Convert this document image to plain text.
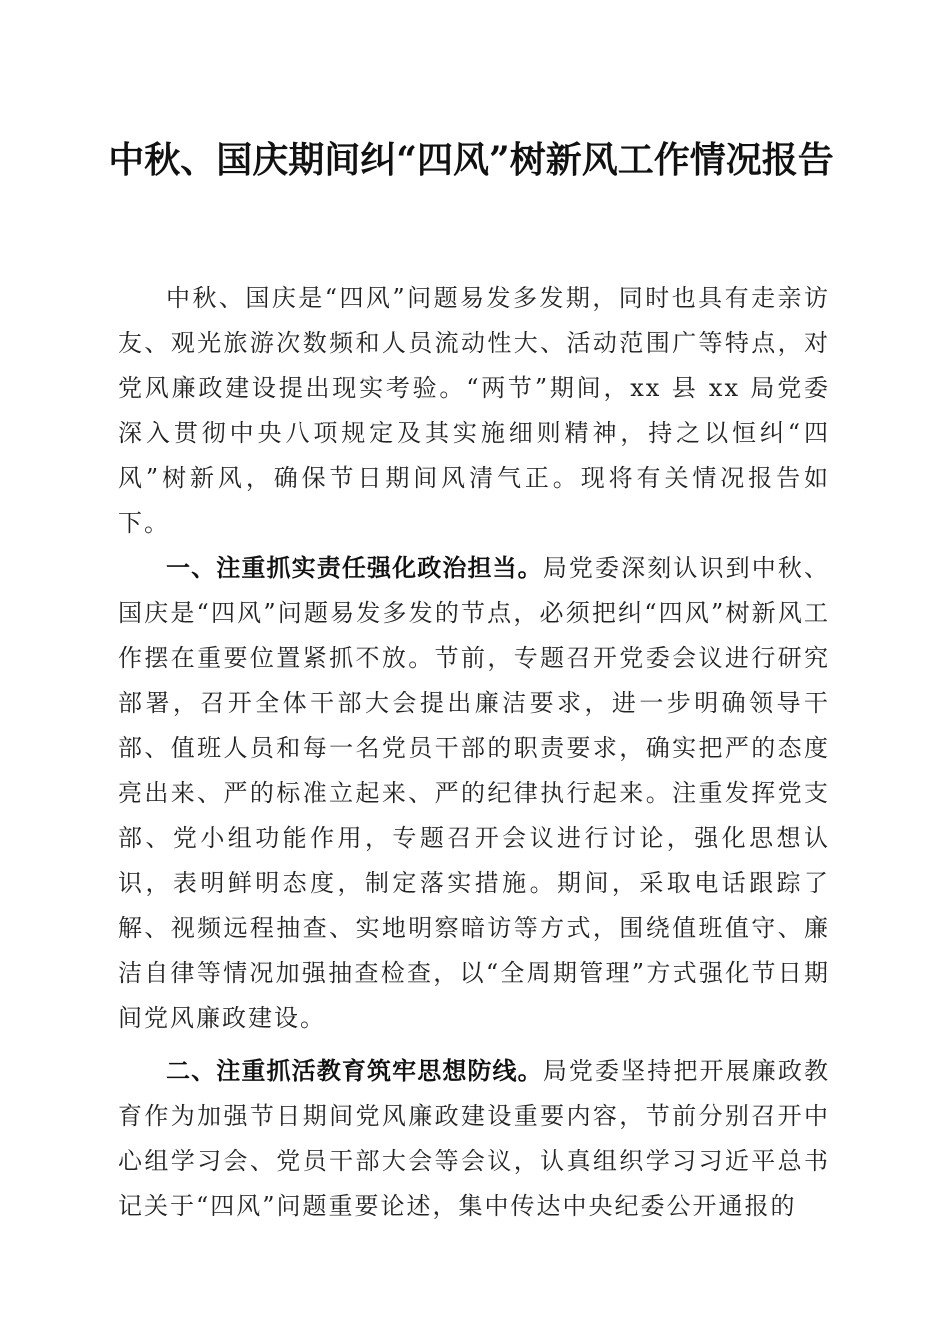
中秋、国庆期间纠“四风”树新风工作情况报告

中秋、国庆是“四风”问题易发多发期，同时也具有走亲访友、观光旅游次数频和人员流动性大、活动范围广等特点，对党风廉政建设提出现实考验。“两节”期间，xx 县 xx 局党委深入贯彻中央八项规定及其实施细则精神，持之以恒纠“四风”树新风，确保节日期间风清气正。现将有关情况报告如下。

一、注重抓实责任强化政治担当。局党委深刻认识到中秋、国庆是“四风”问题易发多发的节点，必须把纠“四风”树新风工作摆在重要位置紧抓不放。节前，专题召开党委会议进行研究部署，召开全体干部大会提出廉洁要求，进一步明确领导干部、值班人员和每一名党员干部的职责要求，确实把严的态度亮出来、严的标准立起来、严的纪律执行起来。注重发挥党支部、党小组功能作用，专题召开会议进行讨论，强化思想认识，表明鲜明态度，制定落实措施。期间，采取电话跟踪了解、视频远程抽查、实地明察暗访等方式，围绕值班值守、廉洁自律等情况加强抽查检查，以“全周期管理”方式强化节日期间党风廉政建设。

二、注重抓活教育筑牢思想防线。局党委坚持把开展廉政教育作为加强节日期间党风廉政建设重要内容，节前分别召开中心组学习会、党员干部大会等会议，认真组织学习习近平总书记关于“四风”问题重要论述，集中传达中央纪委公开通报的
